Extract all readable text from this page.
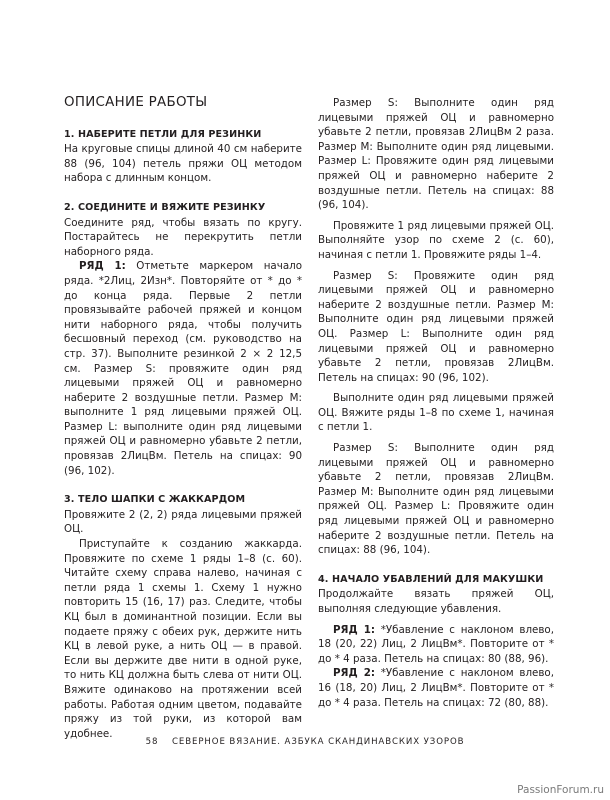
ОПИСАНИЕ РАБОТЫ
1. НАБЕРИТЕ ПЕТЛИ ДЛЯ РЕЗИНКИ

На круговые спицы длиной 40 см наберите 88 (96, 104) петель пряжи ОЦ методом набора с длинным концом.

2. СОЕДИНИТЕ И ВЯЖИТЕ РЕЗИНКУ

Соедините ряд, чтобы вязать по кругу. Постарайтесь не перекрутить петли наборного ряда.

РЯД 1: Отметьте маркером начало ряда. *2Лиц, 2Изн*. Повторяйте от * до * до конца ряда. Первые 2 петли провязывайте рабочей пряжей и концом нити наборного ряда, чтобы получить бесшовный переход (см. руководство на стр. 37). Выполните резинкой 2 × 2 12,5 см. Размер S: провяжите один ряд лицевыми пряжей ОЦ и равномерно наберите 2 воздушные петли. Размер M: выполните 1 ряд лицевыми пряжей ОЦ. Размер L: выполните один ряд лицевыми пряжей ОЦ и равномерно убавьте 2 петли, провязав 2ЛицВм. Петель на спицах: 90 (96, 102).

3. ТЕЛО ШАПКИ С ЖАККАРДОМ

Провяжите 2 (2, 2) ряда лицевыми пряжей ОЦ.

Приступайте к созданию жаккарда. Провяжите по схеме 1 ряды 1–8 (с. 60). Читайте схему справа налево, начиная с петли ряда 1 схемы 1. Схему 1 нужно повторить 15 (16, 17) раз. Следите, чтобы КЦ был в доминантной позиции. Если вы подаете пряжу с обеих рук, держите нить КЦ в левой руке, а нить ОЦ — в правой. Если вы держите две нити в одной руке, то нить КЦ должна быть слева от нити ОЦ. Вяжите одинаково на протяжении всей работы. Работая одним цветом, подавайте пряжу из той руки, из которой вам удобнее.

Размер S: Выполните один ряд лицевыми пряжей ОЦ и равномерно убавьте 2 петли, провязав 2ЛицВм 2 раза. Размер M: Выполните один ряд лицевыми. Размер L: Провяжите один ряд лицевыми пряжей ОЦ и равномерно наберите 2 воздушные петли. Петель на спицах: 88 (96, 104).

Провяжите 1 ряд лицевыми пряжей ОЦ. Выполняйте узор по схеме 2 (с. 60), начиная с петли 1. Провяжите ряды 1–4.

Размер S: Провяжите один ряд лицевыми пряжей ОЦ и равномерно наберите 2 воздушные петли. Размер M: Выполните один ряд лицевыми пряжей ОЦ. Размер L: Выполните один ряд лицевыми пряжей ОЦ и равномерно убавьте 2 петли, провязав 2ЛицВм. Петель на спицах: 90 (96, 102).

Выполните один ряд лицевыми пряжей ОЦ. Вяжите ряды 1–8 по схеме 1, начиная с петли 1.

Размер S: Выполните один ряд лицевыми пряжей ОЦ и равномерно убавьте 2 петли, провязав 2ЛицВм. Размер M: Выполните один ряд лицевыми пряжей ОЦ. Размер L: Провяжите один ряд лицевыми пряжей ОЦ и равномерно наберите 2 воздушные петли. Петель на спицах: 88 (96, 104).

4. НАЧАЛО УБАВЛЕНИЙ ДЛЯ МАКУШКИ

Продолжайте вязать пряжей ОЦ, выполняя следующие убавления.

РЯД 1: *Убавление с наклоном влево, 18 (20, 22) Лиц, 2 ЛицВм*. Повторите от * до * 4 раза. Петель на спицах: 80 (88, 96).

РЯД 2: *Убавление с наклоном влево, 16 (18, 20) Лиц, 2 ЛицВм*. Повторите от * до * 4 раза. Петель на спицах: 72 (80, 88).

58 СЕВЕРНОЕ ВЯЗАНИЕ. АЗБУКА СКАНДИНАВСКИХ УЗОРОВ
PassionForum.ru
